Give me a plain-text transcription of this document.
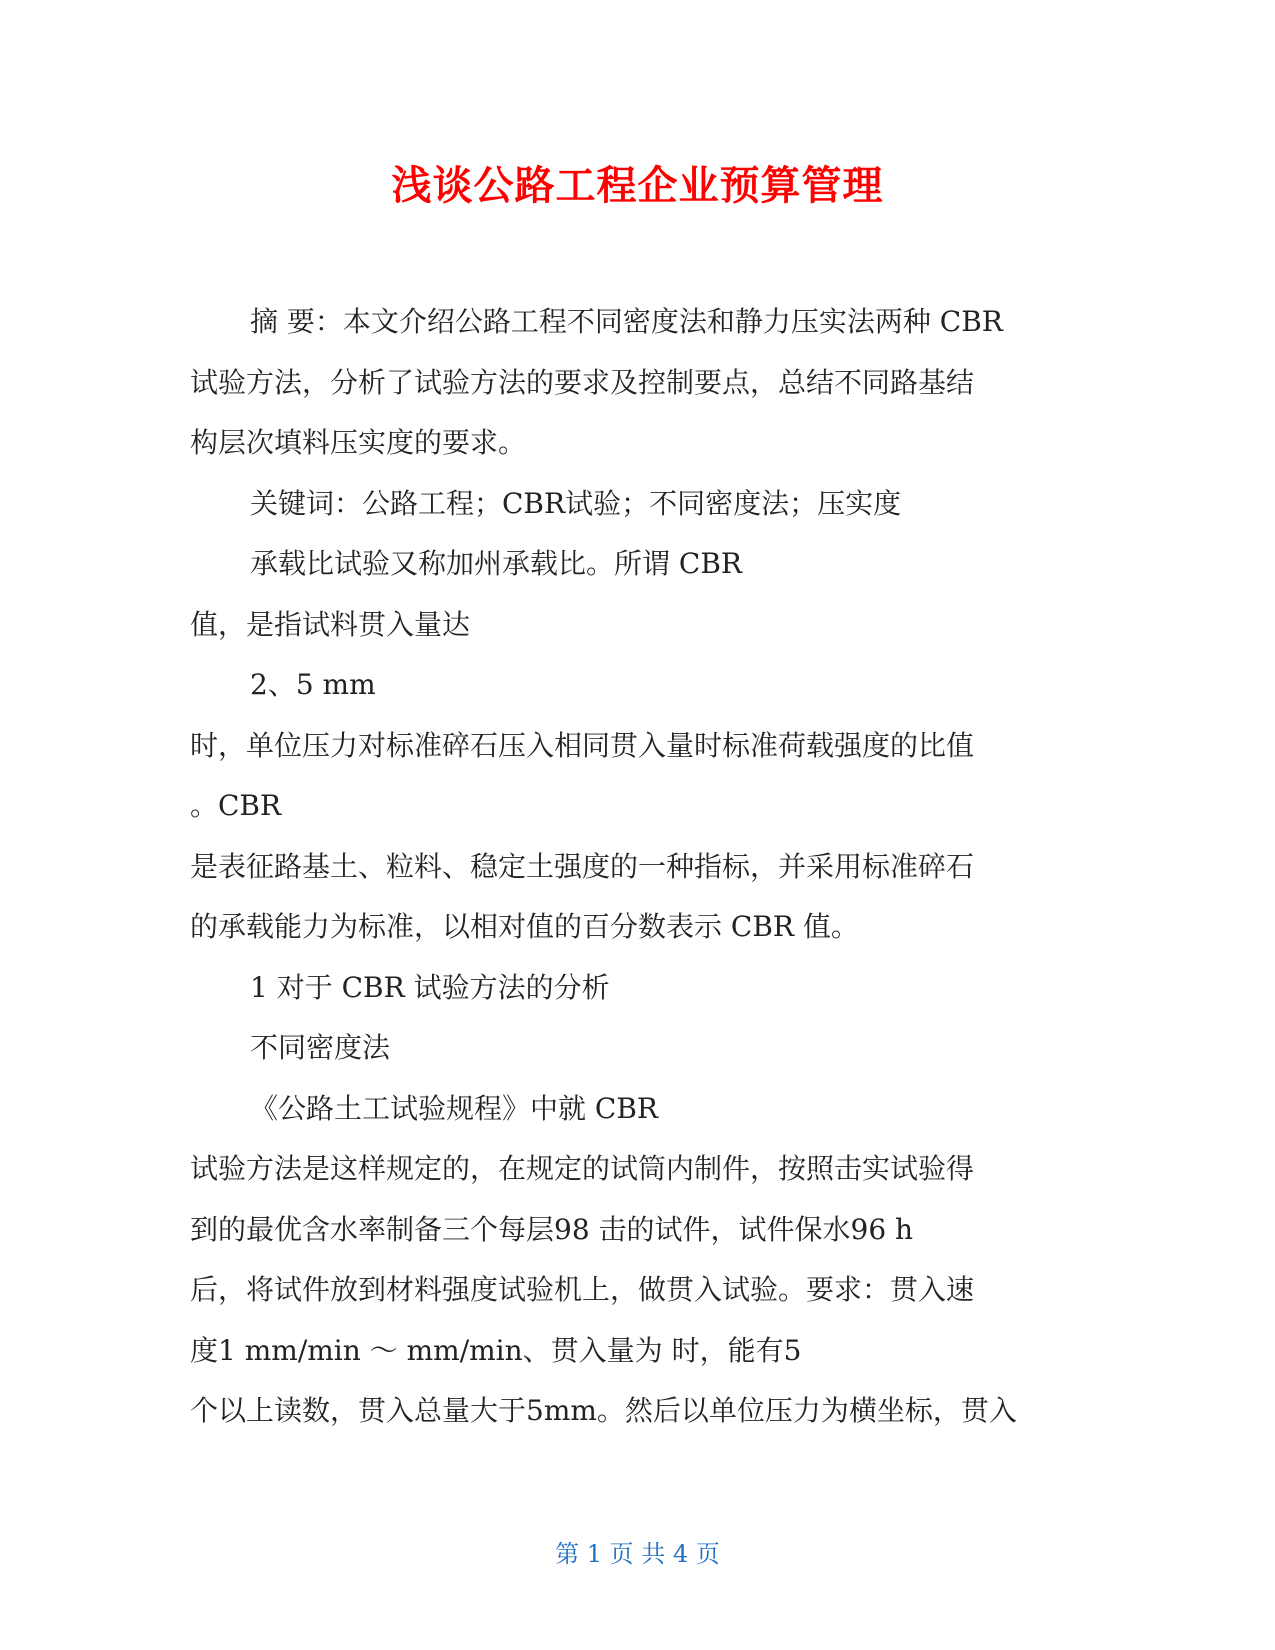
浅谈公路工程企业预算管理
摘 要：本文介绍公路工程不同密度法和静力压实法两种 CBR
试验方法，分析了试验方法的要求及控制要点，总结不同路基结
构层次填料压实度的要求。
关键词：公路工程；CBR试验；不同密度法；压实度
承载比试验又称加州承载比。所谓 CBR
值，是指试料贯入量达
2、5 mm
时，单位压力对标准碎石压入相同贯入量时标准荷载强度的比值
。CBR
是表征路基土、粒料、稳定土强度的一种指标，并采用标准碎石
的承载能力为标准，以相对值的百分数表示 CBR 值。
1 对于 CBR 试验方法的分析
不同密度法
《公路土工试验规程》中就 CBR
试验方法是这样规定的，在规定的试筒内制件，按照击实试验得
到的最优含水率制备三个每层98 击的试件，试件保水96 h
后，将试件放到材料强度试验机上，做贯入试验。要求：贯入速
度1 mm/min ～ mm/min、贯入量为 时，能有5
个以上读数，贯入总量大于5mm。然后以单位压力为横坐标，贯入
第 1 页 共 4 页
